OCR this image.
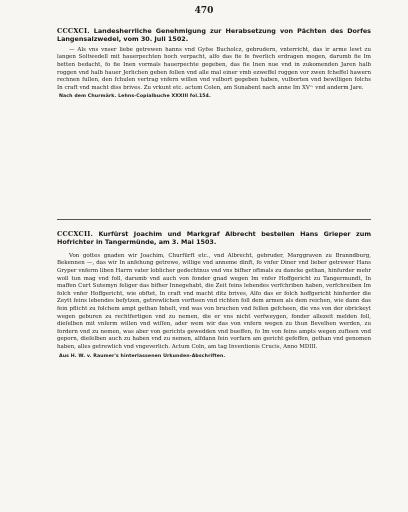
470
CCCXCI. Landesherrliche Genehmigung zur Herabsetzung von Pächten des Dorfes Langensalzwedel, vom 30. Juli 1502.

— Als vns vnser liebe getrewen hanns vnd Gyfse Bucholcz, gebrudern, vnterricht, das ir arme lewt zu langen Soltwedell mit hauerpechten hoch verpacht, alfo das fie fe fwerlich erdragen mogen, darumb fie Im betten bedacht, fo fie Inen vormals hauerpechte gegeben, das fie Inen nue vnd in zukomenden Jaren halb roggen vnd halb hauer Jerlichen geben follen vnd alle mal einer vmb ezweffel roggen vor zwen fcheffel hawern rechnen fullen, den fchulen vertrag vnfern willen vnd vulbort gegeben haben, vulborten vnd bewilligen folchs In craft vnd macht diss brives. Zu vrkunt etc. actum Colen, am Sunabent nach anne Im XVᶜ· vnd anderm Jare.

Nach dem Churmärk. Lehns-Copialbuche XXXIII fol.154.
CCCXCII. Kurfürst Joachim und Markgraf Albrecht bestellen Hans Grieper zum Hofrichter in Tangermünde, am 3. Mai 1503.

Von gottes gnaden wir Joachim, Churfürft etc., vnd Albrecht, gebruder, Marggraven zu Branndburg, Bekennen —, das wir In anfehung getrewe, willige vnd anneme dinft, fo vnfer Diner vnd lieber getrewer Hans Gryper vnferm liben Harrn vater loblicher gedechtnus vnd vns bifher oftmals zu dancke gethan, hinfurder mehr woll tun mag vnd foll, darumb vnd auch von fonder gnad wegen Im vnfer Hoffgericht zu Tangermundt, In maffen Curt Sutemyn feliger das bifher Innegehabt, die Zeit feins lebendes verfchriben haben, verfchreiben Im folch vnfer Hoffgericht, wie obftet, In craft vnd macht ditz brives, Alfo das er folch hoffgericht hinfurder die Zeytt feins lebendes befytzen, getrewlichen vorfteen vnd richten foll dem armen als dem reichen, wie dann das fein pflicht zu folchem ampt gethan Inhelt, vnd was von bruchen vnd fellen gefcheen, die vns von der obrickeyt wegen geburen zu rechtfertigen vnd zu nemen, die er vns nicht verfweygen, fonder allezeit melden foll, dieſelben mit vnſerm willen vnd wiſſen, ader wem wir das von vnfern wegen zu thun Bevelhen werden, zu fordern vnd zu nemen, was aber von gerichts gewedden vnd bueffen, fo Im von feins ampts wegen zufteen vnd geporn, dieſelben auch zu haben vnd zu nemen, alfdann fein vorfarn am gericht gefeffen, gethan vnd genomen haben, alles getrewlich vnd vngeverlich. Actum Coln, am tag Inventionis Crucis, Anno MDIII.

Aus H. W. v. Raumer's hinterlassenen Urkunden-Abschriften.
